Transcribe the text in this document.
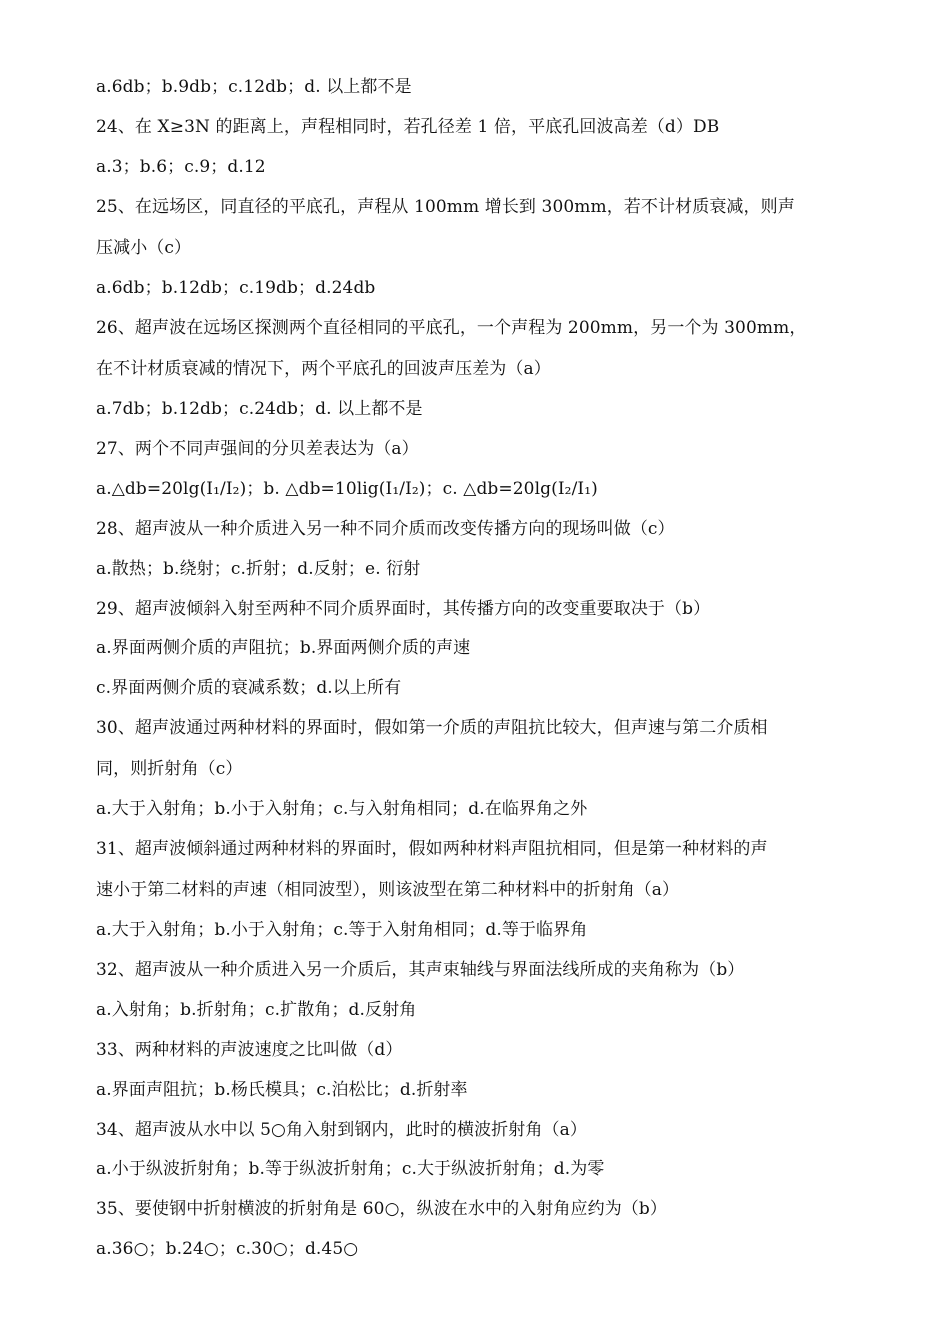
a.6db；b.9db；c.12db；d. 以上都不是
24、在 X≥3N 的距离上，声程相同时，若孔径差 1 倍，平底孔回波高差（d）DB
a.3；b.6；c.9；d.12
25、在远场区，同直径的平底孔，声程从 100mm 增长到 300mm，若不计材质衰减，则声
压减小（c）
a.6db；b.12db；c.19db；d.24db
26、超声波在远场区探测两个直径相同的平底孔，一个声程为 200mm，另一个为 300mm，
在不计材质衰减的情况下，两个平底孔的回波声压差为（a）
a.7db；b.12db；c.24db；d. 以上都不是
27、两个不同声强间的分贝差表达为（a）
a.△db=20lg(I₁/I₂)；b. △db=10lig(I₁/I₂)；c. △db=20lg(I₂/I₁)
28、超声波从一种介质进入另一种不同介质而改变传播方向的现场叫做（c）
a.散热；b.绕射；c.折射；d.反射；e. 衍射
29、超声波倾斜入射至两种不同介质界面时，其传播方向的改变重要取决于（b）
a.界面两侧介质的声阻抗；b.界面两侧介质的声速
c.界面两侧介质的衰减系数；d.以上所有
30、超声波通过两种材料的界面时，假如第一介质的声阻抗比较大，但声速与第二介质相
同，则折射角（c）
a.大于入射角；b.小于入射角；c.与入射角相同；d.在临界角之外
31、超声波倾斜通过两种材料的界面时，假如两种材料声阻抗相同，但是第一种材料的声
速小于第二材料的声速（相同波型），则该波型在第二种材料中的折射角（a）
a.大于入射角；b.小于入射角；c.等于入射角相同；d.等于临界角
32、超声波从一种介质进入另一介质后，其声束轴线与界面法线所成的夹角称为（b）
a.入射角；b.折射角；c.扩散角；d.反射角
33、两种材料的声波速度之比叫做（d）
a.界面声阻抗；b.杨氏模具；c.泊松比；d.折射率
34、超声波从水中以 5○角入射到钢内，此时的横波折射角（a）
a.小于纵波折射角；b.等于纵波折射角；c.大于纵波折射角；d.为零
35、要使钢中折射横波的折射角是 60○，纵波在水中的入射角应约为（b）
a.36○；b.24○；c.30○；d.45○
